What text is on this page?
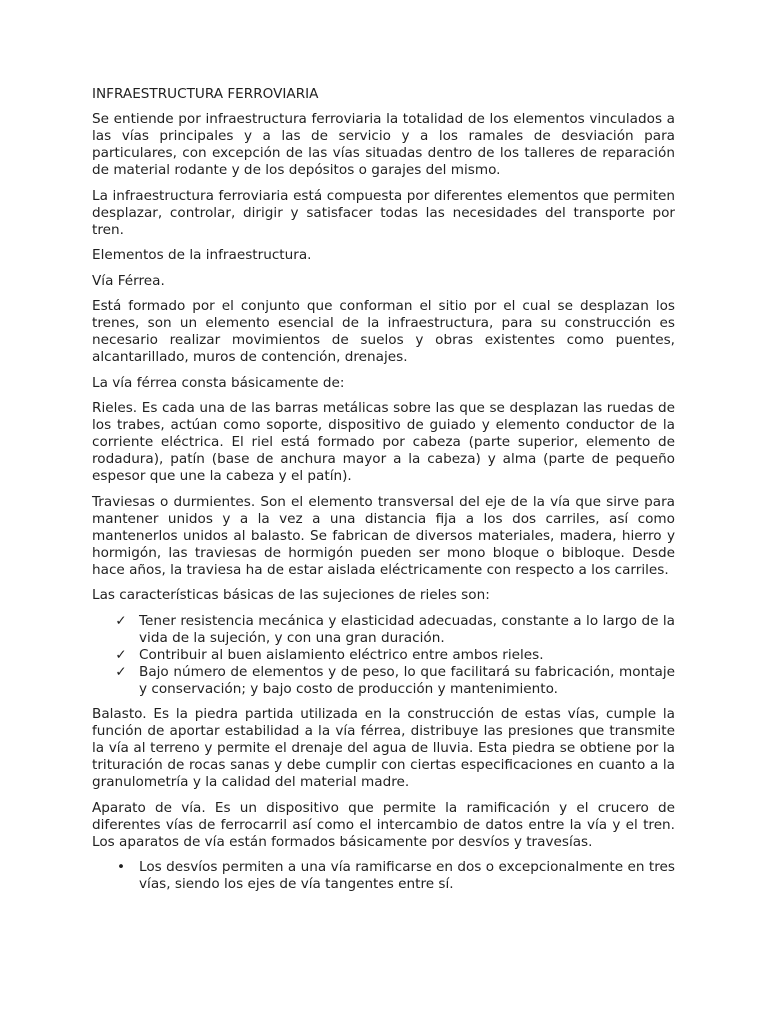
INFRAESTRUCTURA FERROVIARIA

Se entiende por infraestructura ferroviaria la totalidad de los elementos vinculados a las vías principales y a las de servicio y a los ramales de desviación para particulares, con excepción de las vías situadas dentro de los talleres de reparación de material rodante y de los depósitos o garajes del mismo.

La infraestructura ferroviaria está compuesta por diferentes elementos que permiten desplazar, controlar, dirigir y satisfacer todas las necesidades del transporte por tren.

Elementos de la infraestructura.

Vía Férrea.

Está formado por el conjunto que conforman el sitio por el cual se desplazan los trenes, son un elemento esencial de la infraestructura, para su construcción es necesario realizar movimientos de suelos y obras existentes como puentes, alcantarillado, muros de contención, drenajes.

La vía férrea consta básicamente de:

Rieles. Es cada una de las barras metálicas sobre las que se desplazan las ruedas de los trabes, actúan como soporte, dispositivo de guiado y elemento conductor de la corriente eléctrica. El riel está formado por cabeza (parte superior, elemento de rodadura), patín (base de anchura mayor a la cabeza) y alma (parte de pequeño espesor que une la cabeza y el patín).

Traviesas o durmientes. Son el elemento transversal del eje de la vía que sirve para mantener unidos y a la vez a una distancia fija a los dos carriles, así como mantenerlos unidos al balasto. Se fabrican de diversos materiales, madera, hierro y hormigón, las traviesas de hormigón pueden ser mono bloque o bibloque. Desde hace años, la traviesa ha de estar aislada eléctricamente con respecto a los carriles.

Las características básicas de las sujeciones de rieles son:

✓ Tener resistencia mecánica y elasticidad adecuadas, constante a lo largo de la vida de la sujeción, y con una gran duración.
✓ Contribuir al buen aislamiento eléctrico entre ambos rieles.
✓ Bajo número de elementos y de peso, lo que facilitará su fabricación, montaje y conservación; y bajo costo de producción y mantenimiento.

Balasto. Es la piedra partida utilizada en la construcción de estas vías, cumple la función de aportar estabilidad a la vía férrea, distribuye las presiones que transmite la vía al terreno y permite el drenaje del agua de lluvia. Esta piedra se obtiene por la trituración de rocas sanas y debe cumplir con ciertas especificaciones en cuanto a la granulometría y la calidad del material madre.

Aparato de vía. Es un dispositivo que permite la ramificación y el crucero de diferentes vías de ferrocarril así como el intercambio de datos entre la vía y el tren. Los aparatos de vía están formados básicamente por desvíos y travesías.

• Los desvíos permiten a una vía ramificarse en dos o excepcionalmente en tres vías, siendo los ejes de vía tangentes entre sí.
